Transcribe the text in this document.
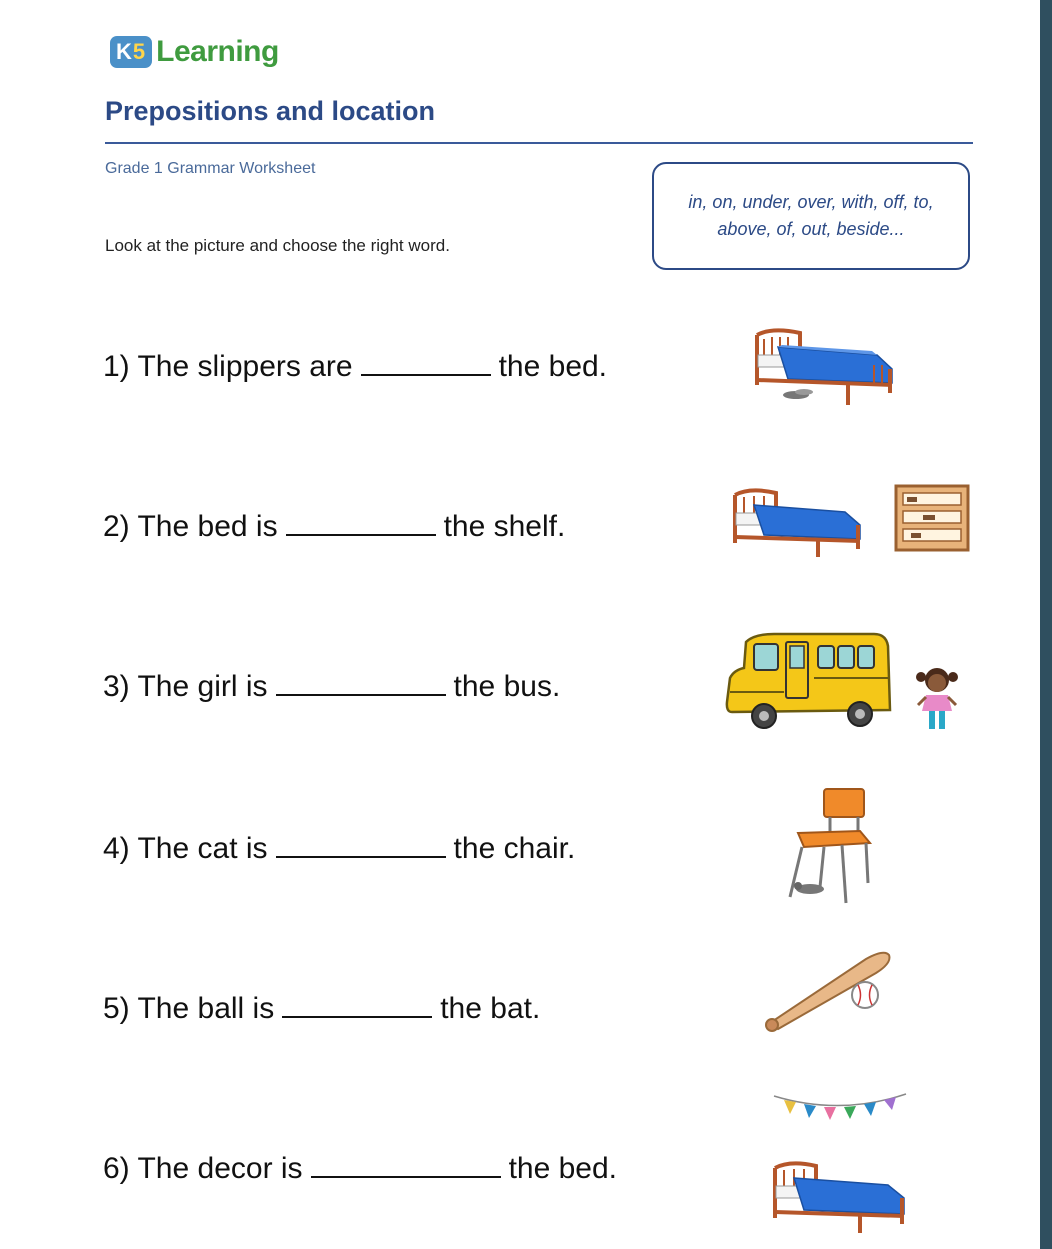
K 5 Learning
Prepositions and location
Grade 1 Grammar Worksheet
Look at the picture and choose the right word.
in, on, under, over, with, off, to, above, of, out, beside...
1) The slippers are	the bed.
2) The bed is	the shelf.
3) The girl is	the bus.
4) The cat is	the chair.
5) The ball is	the bat.
6) The decor is	the bed.
